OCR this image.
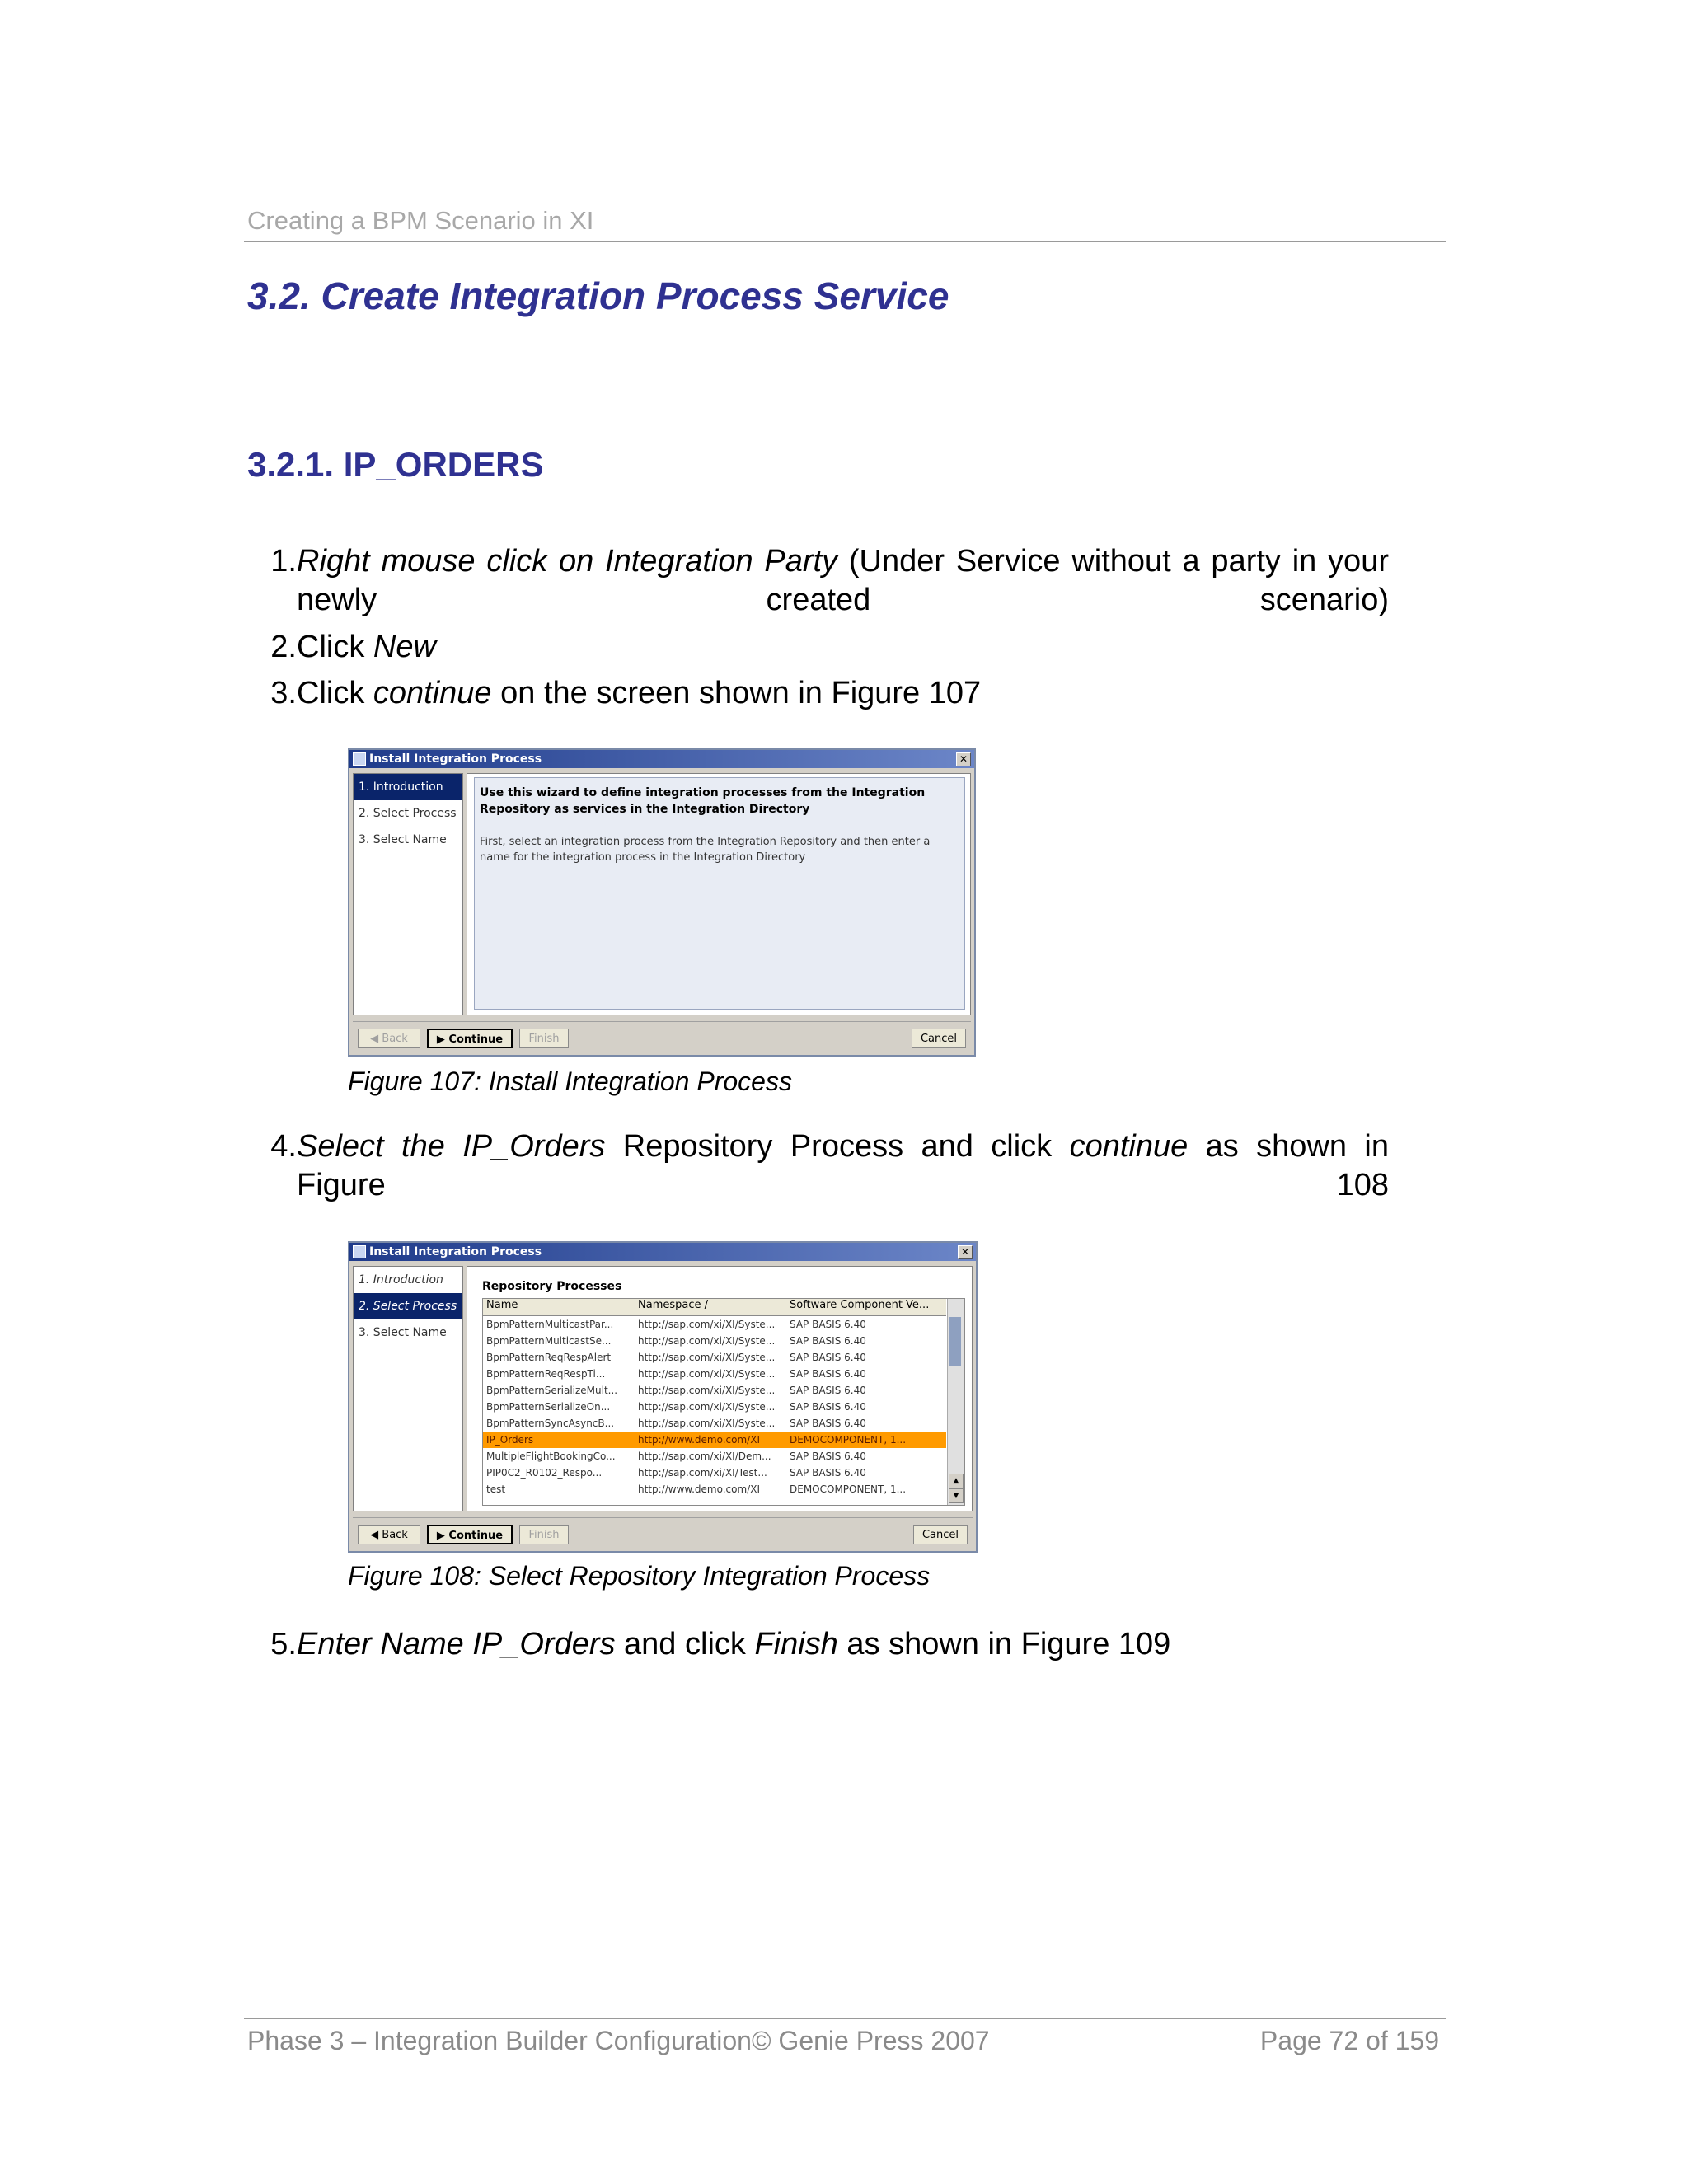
Creating a BPM Scenario in XI
3.2. Create Integration Process Service
3.2.1. IP_ORDERS
1. Right mouse click on Integration Party (Under Service without a party in your newly created scenario)
2. Click New
3. Click continue on the screen shown in Figure 107
Install Integration Process	✕
1. Introduction
2. Select Process
3. Select Name
Use this wizard to define integration processes from the Integration Repository as services in the Integration Directory
First, select an integration process from the Integration Repository and then enter a name for the integration process in the Integration Directory
◀ Back	▶ Continue	Finish	Cancel
Figure 107: Install Integration Process
4. Select the IP_Orders Repository Process and click continue as shown in Figure 108
Install Integration Process	✕
1. Introduction
2. Select Process
3. Select Name
Repository Processes
Name	Namespace /	Software Component Ve...
BpmPatternMulticastPar...	http://sap.com/xi/XI/Syste...	SAP BASIS 6.40
BpmPatternMulticastSe...	http://sap.com/xi/XI/Syste...	SAP BASIS 6.40
BpmPatternReqRespAlert	http://sap.com/xi/XI/Syste...	SAP BASIS 6.40
BpmPatternReqRespTi...	http://sap.com/xi/XI/Syste...	SAP BASIS 6.40
BpmPatternSerializeMult...	http://sap.com/xi/XI/Syste...	SAP BASIS 6.40
BpmPatternSerializeOn...	http://sap.com/xi/XI/Syste...	SAP BASIS 6.40
BpmPatternSyncAsyncB...	http://sap.com/xi/XI/Syste...	SAP BASIS 6.40
IP_Orders	http://www.demo.com/XI	DEMOCOMPONENT, 1...
MultipleFlightBookingCo...	http://sap.com/xi/XI/Dem...	SAP BASIS 6.40
PIP0C2_R0102_Respo...	http://sap.com/xi/XI/Test...	SAP BASIS 6.40
test	http://www.demo.com/XI	DEMOCOMPONENT, 1...
▲
▼
◀ Back	▶ Continue	Finish	Cancel
Figure 108: Select Repository Integration Process
5. Enter Name IP_Orders and click Finish as shown in Figure 109
Phase 3 – Integration Builder Configuration© Genie Press 2007	Page 72 of 159
